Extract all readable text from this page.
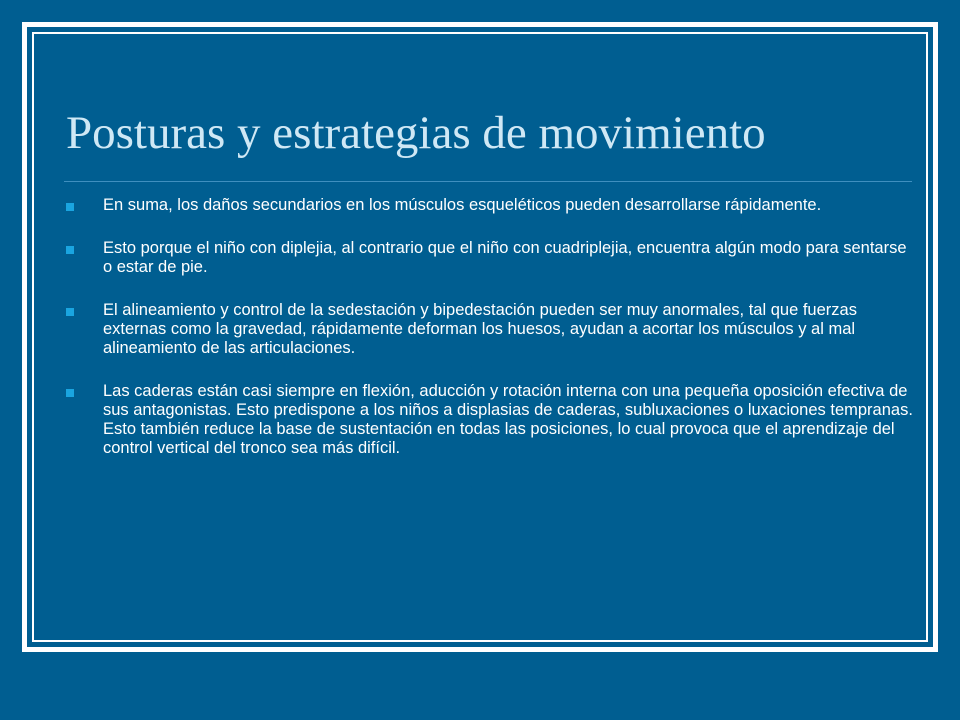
Posturas y estrategias de movimiento
En suma, los daños secundarios en los músculos esqueléticos pueden desarrollarse rápidamente.
Esto porque el niño con diplejia, al contrario que el niño con cuadriplejia, encuentra algún modo para sentarse o estar de pie.
El alineamiento y control de la sedestación y bipedestación pueden ser muy anormales, tal que fuerzas externas como la gravedad, rápidamente deforman los huesos, ayudan a acortar los músculos y al mal alineamiento de las articulaciones.
Las caderas están casi siempre en flexión, aducción y rotación interna con una pequeña oposición efectiva de sus antagonistas. Esto predispone a los niños a displasias de caderas, subluxaciones o luxaciones tempranas. Esto también reduce la base de sustentación en todas las posiciones, lo cual provoca que el aprendizaje del control vertical del tronco sea más difícil.
